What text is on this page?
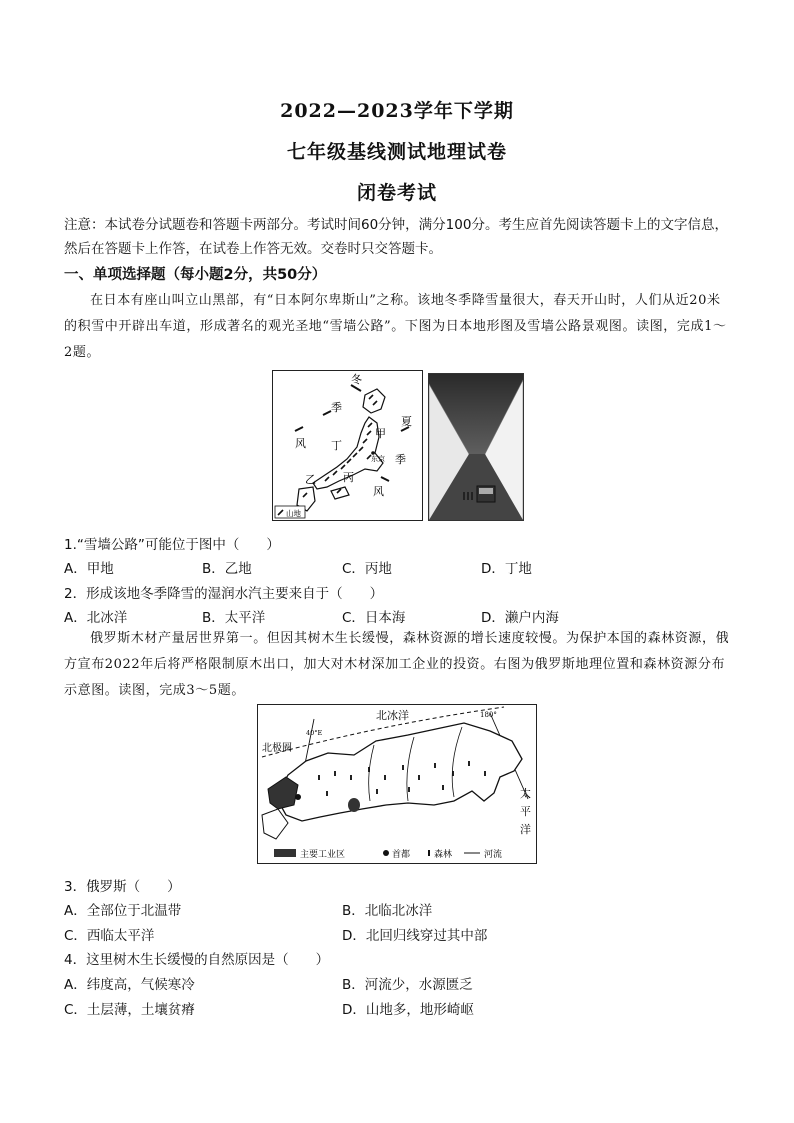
2022—2023学年下学期
七年级基线测试地理试卷
闭卷考试
注意：本试卷分试题卷和答题卡两部分。考试时间60分钟，满分100分。考生应首先阅读答题卡上的文字信息，然后在答题卡上作答，在试卷上作答无效。交卷时只交答题卡。
一、单项选择题（每小题2分，共50分）
在日本有座山叫立山黑部，有“日本阿尔卑斯山”之称。该地冬季降雪量很大，春天开山时，人们从近20米的积雪中开辟出车道，形成著名的观光圣地“雪墙公路”。下图为日本地形图及雪墙公路景观图。读图，完成1～2题。
冬
季
风
夏
季
风
甲
乙 丙
丁
东京
山地
1.“雪墙公路”可能位于图中（　　）
A．甲地	B．乙地	C．丙地	D．丁地
2．形成该地冬季降雪的湿润水汽主要来自于（　　）
A．北冰洋	B．太平洋	C．日本海	D．濑户内海
俄罗斯木材产量居世界第一。但因其树木生长缓慢，森林资源的增长速度较慢。为保护本国的森林资源，俄方宣布2022年后将严格限制原木出口，加大对木材深加工企业的投资。右图为俄罗斯地理位置和森林资源分布示意图。读图，完成3～5题。
北冰洋
北极圈
180°
40°E
太
平
洋
主要工业区	首都	森林	河流
3．俄罗斯（　　）
A．全部位于北温带	B．北临北冰洋
C．西临太平洋	D．北回归线穿过其中部
4．这里树木生长缓慢的自然原因是（　　）
A．纬度高，气候寒冷	B．河流少，水源匮乏
C．土层薄，土壤贫瘠	D．山地多，地形崎岖
